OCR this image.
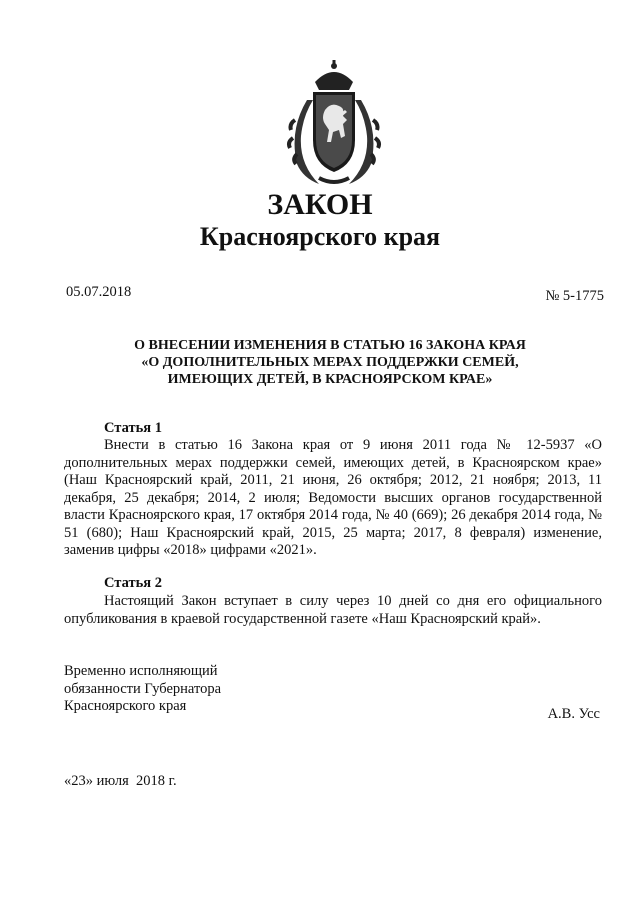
ЗАКОН
Красноярского края
05.07.2018	№ 5-1775
О ВНЕСЕНИИ ИЗМЕНЕНИЯ В СТАТЬЮ 16 ЗАКОНА КРАЯ
«О ДОПОЛНИТЕЛЬНЫХ МЕРАХ ПОДДЕРЖКИ СЕМЕЙ,
ИМЕЮЩИХ ДЕТЕЙ, В КРАСНОЯРСКОМ КРАЕ»
Статья 1
Внести в статью 16 Закона края от 9 июня 2011 года № 12-5937 «О дополнительных мерах поддержки семей, имеющих детей, в Красноярском крае» (Наш Красноярский край, 2011, 21 июня, 26 октября; 2012, 21 ноября; 2013, 11 декабря, 25 декабря; 2014, 2 июля; Ведомости высших органов государственной власти Красноярского края, 17 октября 2014 года, № 40 (669); 26 декабря 2014 года, № 51 (680); Наш Красноярский край, 2015, 25 марта; 2017, 8 февраля) изменение, заменив цифры «2018» цифрами «2021».
Статья 2
Настоящий Закон вступает в силу через 10 дней со дня его официального опубликования в краевой государственной газете «Наш Красноярский край».
Временно исполняющий
обязанности Губернатора
Красноярского края	А.В. Усс
«23» июля  2018 г.
